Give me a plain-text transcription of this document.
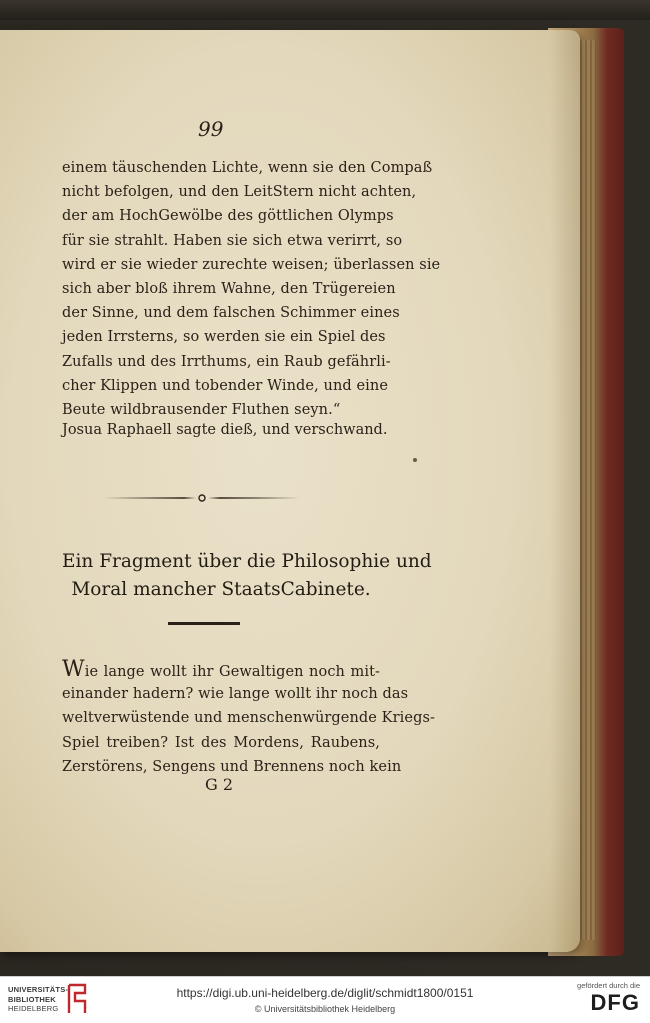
99
einem täuschenden Lichte, wenn sie den Compaß
nicht befolgen, und den LeitStern nicht achten,
der am HochGewölbe des göttlichen Olymps
für sie strahlt. Haben sie sich etwa verirrt, so
wird er sie wieder zurechte weisen; überlassen sie
sich aber bloß ihrem Wahne, den Trügereien
der Sinne, und dem falschen Schimmer eines
jeden Irrsterns, so werden sie ein Spiel des
Zufalls und des Irrthums, ein Raub gefährli-
cher Klippen und tobender Winde, und eine
Beute wildbrausender Fluthen seyn.“
Josua Raphaell sagte dieß, und verschwand.
Ein Fragment über die Philosophie und
Moral mancher StaatsCabinete.
Wie lange wollt ihr Gewaltigen noch mit-
einander hadern? wie lange wollt ihr noch das
weltverwüstende und menschenwürgende Kriegs-
Spiel treiben? Ist des Mordens, Raubens,
Zerstörens, Sengens und Brennens noch kein
G 2
UNIVERSITÄTS-
BIBLIOTHEK
HEIDELBERG
https://digi.ub.uni-heidelberg.de/diglit/schmidt1800/0151
© Universitätsbibliothek Heidelberg
gefördert durch die
DFG
